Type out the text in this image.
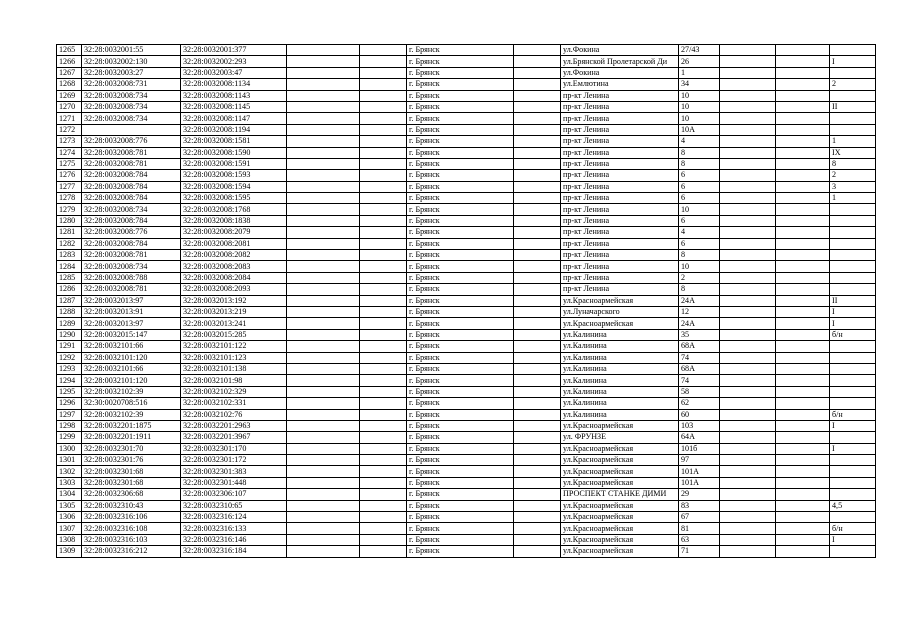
1265	32:28:0032001:55	32:28:0032001:377			г. Брянск		ул.Фокина	27/43			
1266	32:28:0032002:130	32:28:0032002:293			г. Брянск		ул.Брянской Пролетарской Ди	26			I
1267	32:28:0032003:27	32:28:0032003:47			г. Брянск		ул.Фокина	1			
1268	32:28:0032008:731	32:28:0032008:1134			г. Брянск		ул.Емлютина	34			2
1269	32:28:0032008:734	32:28:0032008:1143			г. Брянск		пр-кт Ленина	10			
1270	32:28:0032008:734	32:28:0032008:1145			г. Брянск		пр-кт Ленина	10			II
1271	32:28:0032008:734	32:28:0032008:1147			г. Брянск		пр-кт Ленина	10			
1272		32:28:0032008:1194			г. Брянск		пр-кт Ленина	10А			
1273	32:28:0032008:776	32:28:0032008:1581			г. Брянск		пр-кт Ленина	4			1
1274	32:28:0032008:781	32:28:0032008:1590			г. Брянск		пр-кт Ленина	8			IX
1275	32:28:0032008:781	32:28:0032008:1591			г. Брянск		пр-кт Ленина	8			8
1276	32:28:0032008:784	32:28:0032008:1593			г. Брянск		пр-кт Ленина	6			2
1277	32:28:0032008:784	32:28:0032008:1594			г. Брянск		пр-кт Ленина	6			3
1278	32:28:0032008:784	32:28:0032008:1595			г. Брянск		пр-кт Ленина	6			1
1279	32:28:0032008:734	32:28:0032008:1768			г. Брянск		пр-кт Ленина	10			
1280	32:28:0032008:784	32:28:0032008:1838			г. Брянск		пр-кт Ленина	6			
1281	32:28:0032008:776	32:28:0032008:2079			г. Брянск		пр-кт Ленина	4			
1282	32:28:0032008:784	32:28:0032008:2081			г. Брянск		пр-кт Ленина	6			
1283	32:28:0032008:781	32:28:0032008:2082			г. Брянск		пр-кт Ленина	8			
1284	32:28:0032008:734	32:28:0032008:2083			г. Брянск		пр-кт Ленина	10			
1285	32:28:0032008:788	32:28:0032008:2084			г. Брянск		пр-кт Ленина	2			
1286	32:28:0032008:781	32:28:0032008:2093			г. Брянск		пр-кт Ленина	8			
1287	32:28:0032013:97	32:28:0032013:192			г. Брянск		ул.Красноармейская	24А			II
1288	32:28:0032013:91	32:28:0032013:219			г. Брянск		ул.Луначарского	12			I
1289	32:28:0032013:97	32:28:0032013:241			г. Брянск		ул.Красноармейская	24А			I
1290	32:28:0032015:147	32:28:0032015:285			г. Брянск		ул.Калинина	35			б/н
1291	32:28:0032101:66	32:28:0032101:122			г. Брянск		ул.Калинина	68А			
1292	32:28:0032101:120	32:28:0032101:123			г. Брянск		ул.Калинина	74			
1293	32:28:0032101:66	32:28:0032101:138			г. Брянск		ул.Калинина	68А			
1294	32:28:0032101:120	32:28:0032101:98			г. Брянск		ул.Калинина	74			
1295	32:28:0032102:39	32:28:0032102:329			г. Брянск		ул.Калинина	58			
1296	32:30:0020708:516	32:28:0032102:331			г. Брянск		ул.Калинина	62			
1297	32:28:0032102:39	32:28:0032102:76			г. Брянск		ул.Калинина	60			б/н
1298	32:28:0032201:1875	32:28:0032201:2963			г. Брянск		ул.Красноармейская	103			I
1299	32:28:0032201:1911	32:28:0032201:3967			г. Брянск		ул. ФРУНЗЕ	64А			
1300	32:28:0032301:70	32:28:0032301:170			г. Брянск		ул.Красноармейская	101б			I
1301	32:28:0032301:76	32:28:0032301:172			г. Брянск		ул.Красноармейская	97			
1302	32:28:0032301:68	32:28:0032301:383			г. Брянск		ул.Красноармейская	101А			
1303	32:28:0032301:68	32:28:0032301:448			г. Брянск		ул.Красноармейская	101А			
1304	32:28:0032306:68	32:28:0032306:107			г. Брянск		ПРОСПЕКТ СТАНКЕ ДИМИ	29			
1305	32:28:0032310:43	32:28:0032310:65			г. Брянск		ул.Красноармейская	83			4,5
1306	32:28:0032316:106	32:28:0032316:124			г. Брянск		ул.Красноармейская	67			
1307	32:28:0032316:108	32:28:0032316:133			г. Брянск		ул.Красноармейская	81			б/н
1308	32:28:0032316:103	32:28:0032316:146			г. Брянск		ул.Красноармейская	63			I
1309	32:28:0032316:212	32:28:0032316:184			г. Брянск		ул.Красноармейская	71			
